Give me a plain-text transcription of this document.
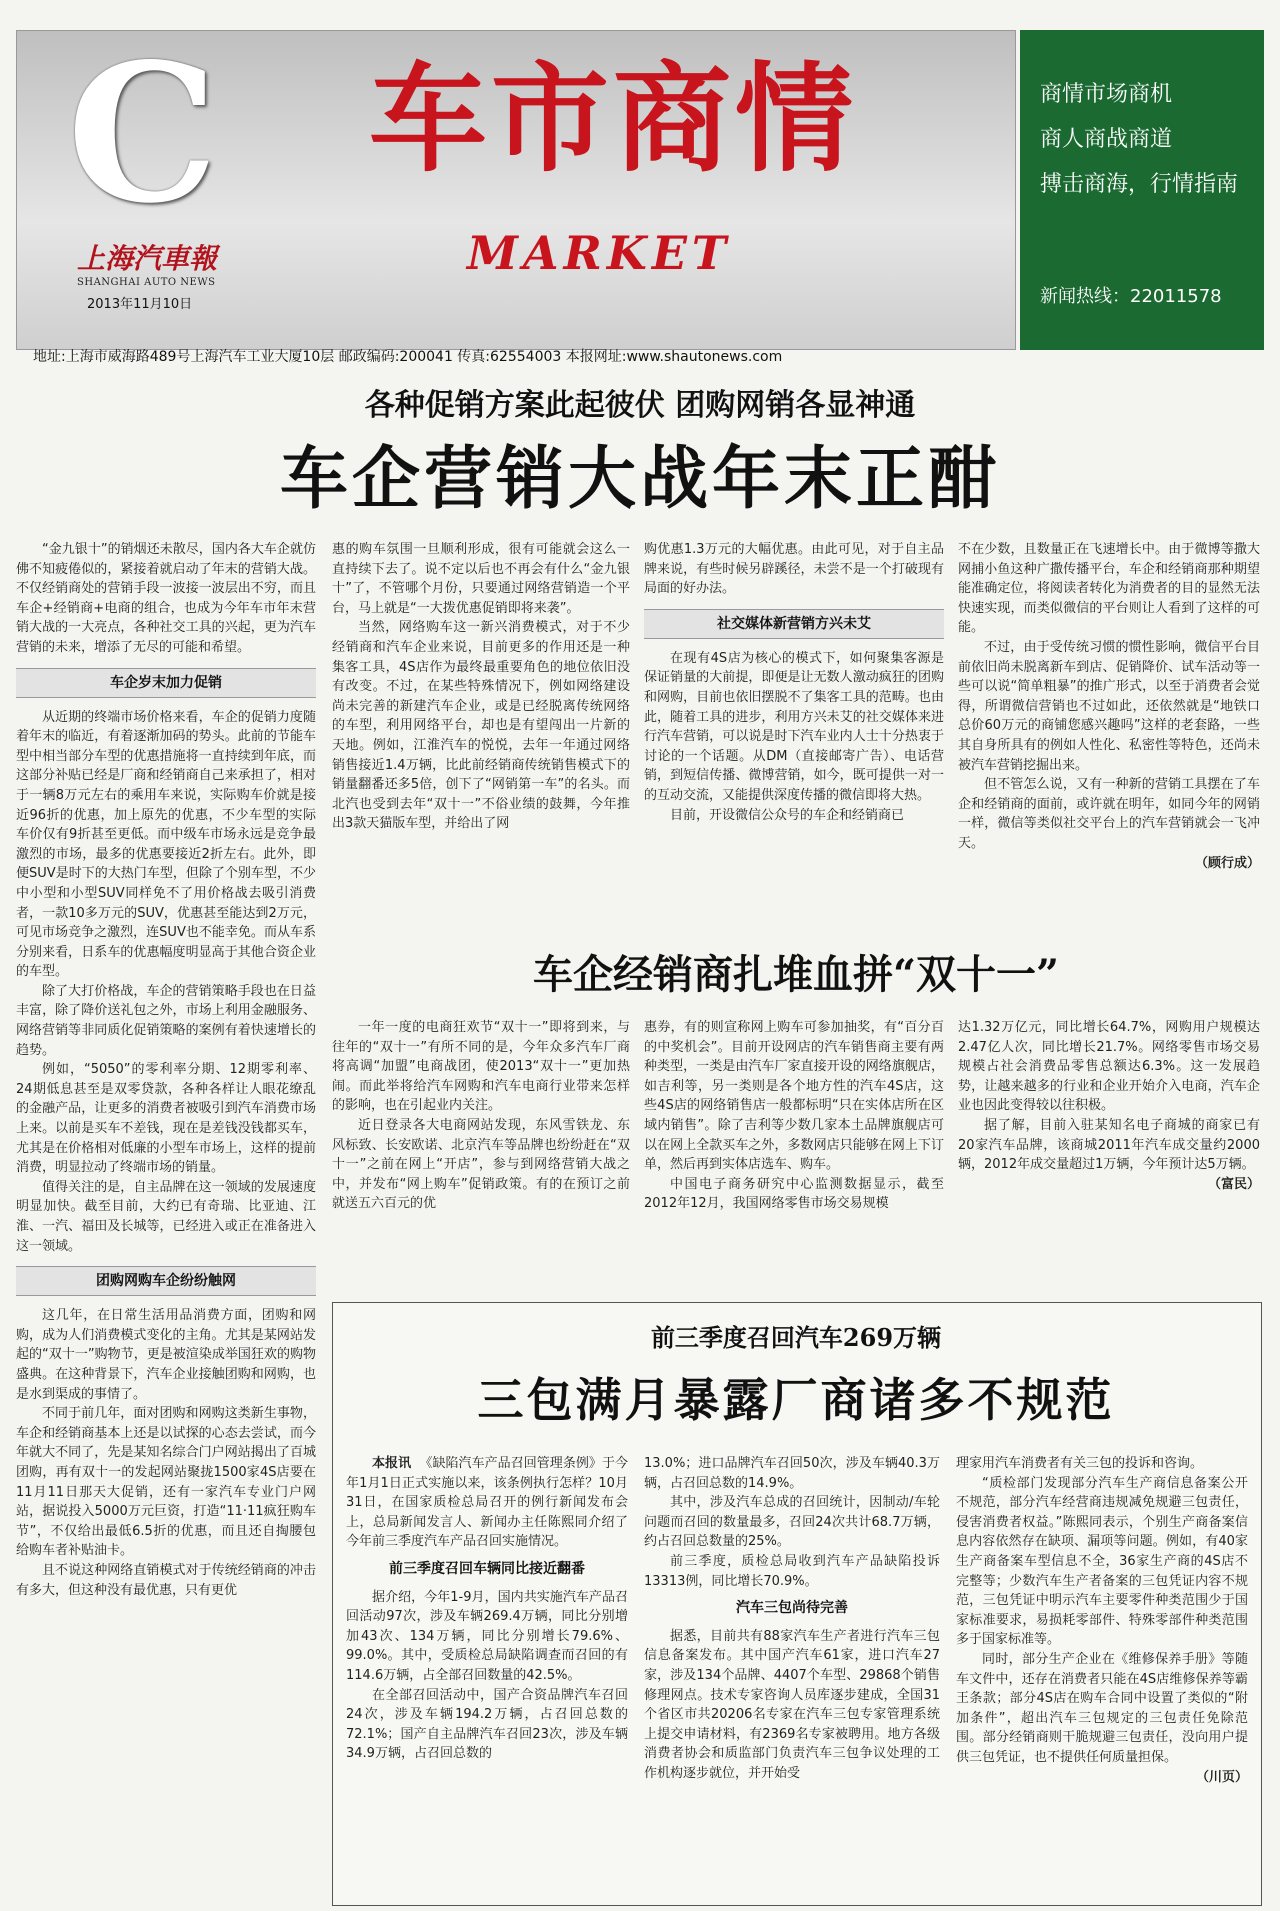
C
上海汽車報
SHANGHAI AUTO NEWS
2013年11月10日
车市商情
MARKET
地址:上海市威海路489号上海汽车工业大厦10层 邮政编码:200041 传真:62554003 本报网址:www.shautonews.com
商情市场商机
商人商战商道
搏击商海，行情指南
新闻热线：22011578
各种促销方案此起彼伏 团购网销各显神通
车企营销大战年末正酣

“金九银十”的销烟还未散尽，国内各大车企就仿佛不知疲倦似的，紧接着就启动了年末的营销大战。不仅经销商处的营销手段一波接一波层出不穷，而且车企+经销商+电商的组合，也成为今年车市年末营销大战的一大亮点，各种社交工具的兴起，更为汽车营销的未来，增添了无尽的可能和希望。

车企岁末加力促销

从近期的终端市场价格来看，车企的促销力度随着年末的临近，有着逐渐加码的势头。此前的节能车型中相当部分车型的优惠措施将一直持续到年底，而这部分补贴已经是厂商和经销商自己来承担了，相对于一辆8万元左右的乘用车来说，实际购车价就是接近96折的优惠，加上原先的优惠，不少车型的实际车价仅有9折甚至更低。而中级车市场永远是竞争最激烈的市场，最多的优惠要接近2折左右。此外，即便SUV是时下的大热门车型，但除了个别车型，不少中小型和小型SUV同样免不了用价格战去吸引消费者，一款10多万元的SUV，优惠甚至能达到2万元，可见市场竞争之激烈，连SUV也不能幸免。而从车系分别来看，日系车的优惠幅度明显高于其他合资企业的车型。

除了大打价格战，车企的营销策略手段也在日益丰富，除了降价送礼包之外，市场上利用金融服务、网络营销等非同质化促销策略的案例有着快速增长的趋势。

例如，“5050”的零利率分期、12期零利率、24期低息甚至是双零贷款，各种各样让人眼花缭乱的金融产品，让更多的消费者被吸引到汽车消费市场上来。以前是买车不差钱，现在是差钱没钱都买车，尤其是在价格相对低廉的小型车市场上，这样的提前消费，明显拉动了终端市场的销量。

值得关注的是，自主品牌在这一领域的发展速度明显加快。截至目前，大约已有奇瑞、比亚迪、江淮、一汽、福田及长城等，已经进入或正在准备进入这一领域。

团购网购车企纷纷触网

这几年，在日常生活用品消费方面，团购和网购，成为人们消费模式变化的主角。尤其是某网站发起的“双十一”购物节，更是被渲染成举国狂欢的购物盛典。在这种背景下，汽车企业接触团购和网购，也是水到渠成的事情了。

不同于前几年，面对团购和网购这类新生事物，车企和经销商基本上还是以试探的心态去尝试，而今年就大不同了，先是某知名综合门户网站揭出了百城团购，再有双十一的发起网站聚拢1500家4S店要在11月11日那天大促销，还有一家汽车专业门户网站，据说投入5000万元巨资，打造“11·11疯狂购车节”，不仅给出最低6.5折的优惠，而且还自掏腰包给购车者补贴油卡。

且不说这种网络直销模式对于传统经销商的冲击有多大，但这种没有最优惠，只有更优

惠的购车氛围一旦顺利形成，很有可能就会这么一直持续下去了。说不定以后也不再会有什么“金九银十”了，不管哪个月份，只要通过网络营销造一个平台，马上就是“一大拨优惠促销即将来袭”。

当然，网络购车这一新兴消费模式，对于不少经销商和汽车企业来说，目前更多的作用还是一种集客工具，4S店作为最终最重要角色的地位依旧没有改变。不过，在某些特殊情况下，例如网络建设尚未完善的新建汽车企业，或是已经脱离传统网络的车型，利用网络平台，却也是有望闯出一片新的天地。例如，江淮汽车的悦悦，去年一年通过网络销售接近1.4万辆，比此前经销商传统销售模式下的销量翻番还多5倍，创下了“网销第一车”的名头。而北汽也受到去年“双十一”不俗业绩的鼓舞，今年推出3款天猫版车型，并给出了网

购优惠1.3万元的大幅优惠。由此可见，对于自主品牌来说，有些时候另辟蹊径，未尝不是一个打破现有局面的好办法。

社交媒体新营销方兴未艾

在现有4S店为核心的模式下，如何聚集客源是保证销量的大前提，即便是让无数人激动疯狂的团购和网购，目前也依旧摆脱不了集客工具的范畴。也由此，随着工具的进步，利用方兴未艾的社交媒体来进行汽车营销，可以说是时下汽车业内人士十分热衷于讨论的一个话题。从DM（直接邮寄广告）、电话营销，到短信传播、微博营销，如今，既可提供一对一的互动交流，又能提供深度传播的微信即将大热。

目前，开设微信公众号的车企和经销商已

不在少数，且数量正在飞速增长中。由于微博等撒大网捕小鱼这种广撒传播平台，车企和经销商那种期望能准确定位，将阅读者转化为消费者的目的显然无法快速实现，而类似微信的平台则让人看到了这样的可能。

不过，由于受传统习惯的惯性影响，微信平台目前依旧尚未脱离新车到店、促销降价、试车活动等一些可以说“简单粗暴”的推广形式，以至于消费者会觉得，所谓微信营销也不过如此，还依然就是“地铁口总价60万元的商铺您感兴趣吗”这样的老套路，一些其自身所具有的例如人性化、私密性等特色，还尚未被汽车营销挖掘出来。

但不管怎么说，又有一种新的营销工具摆在了车企和经销商的面前，或许就在明年，如同今年的网销一样，微信等类似社交平台上的汽车营销就会一飞冲天。

（顾行成）
车企经销商扎堆血拼“双十一”

一年一度的电商狂欢节“双十一”即将到来，与往年的“双十一”有所不同的是，今年众多汽车厂商将高调“加盟”电商战团，使2013“双十一”更加热闹。而此举将给汽车网购和汽车电商行业带来怎样的影响，也在引起业内关注。

近日登录各大电商网站发现，东风雪铁龙、东风标致、长安欧诺、北京汽车等品牌也纷纷赶在“双十一”之前在网上“开店”，参与到网络营销大战之中，并发布“网上购车”促销政策。有的在预订之前就送五六百元的优

惠券，有的则宣称网上购车可参加抽奖，有“百分百的中奖机会”。目前开设网店的汽车销售商主要有两种类型，一类是由汽车厂家直接开设的网络旗舰店，如吉利等，另一类则是各个地方性的汽车4S店，这些4S店的网络销售店一般都标明“只在实体店所在区域内销售”。除了吉利等少数几家本土品牌旗舰店可以在网上全款买车之外，多数网店只能够在网上下订单，然后再到实体店选车、购车。

中国电子商务研究中心监测数据显示，截至2012年12月，我国网络零售市场交易规模

达1.32万亿元，同比增长64.7%，网购用户规模达2.47亿人次，同比增长21.7%。网络零售市场交易规模占社会消费品零售总额达6.3%。这一发展趋势，让越来越多的行业和企业开始介入电商，汽车企业也因此变得较以往积极。

据了解，目前入驻某知名电子商城的商家已有20家汽车品牌，该商城2011年汽车成交量约2000辆，2012年成交量超过1万辆，今年预计达5万辆。

（富民）
前三季度召回汽车269万辆
三包满月暴露厂商诸多不规范

本报讯 《缺陷汽车产品召回管理条例》于今年1月1日正式实施以来，该条例执行怎样？10月31日，在国家质检总局召开的例行新闻发布会上，总局新闻发言人、新闻办主任陈熙同介绍了今年前三季度汽车产品召回实施情况。

前三季度召回车辆同比接近翻番

据介绍，今年1-9月，国内共实施汽车产品召回活动97次，涉及车辆269.4万辆，同比分别增加43次、134万辆，同比分别增长79.6%、99.0%。其中，受质检总局缺陷调查而召回的有114.6万辆，占全部召回数量的42.5%。

在全部召回活动中，国产合资品牌汽车召回24次，涉及车辆194.2万辆，占召回总数的72.1%；国产自主品牌汽车召回23次，涉及车辆34.9万辆，占召回总数的

13.0%；进口品牌汽车召回50次，涉及车辆40.3万辆，占召回总数的14.9%。

其中，涉及汽车总成的召回统计，因制动/车轮问题而召回的数量最多，召回24次共计68.7万辆，约占召回总数量的25%。

前三季度，质检总局收到汽车产品缺陷投诉13313例，同比增长70.9%。

汽车三包尚待完善

据悉，目前共有88家汽车生产者进行汽车三包信息备案发布。其中国产汽车61家，进口汽车27家，涉及134个品牌、4407个车型、29868个销售修理网点。技术专家咨询人员库逐步建成，全国31个省区市共20206名专家在汽车三包专家管理系统上提交申请材料，有2369名专家被聘用。地方各级消费者协会和质监部门负责汽车三包争议处理的工作机构逐步就位，并开始受

理家用汽车消费者有关三包的投诉和咨询。

“质检部门发现部分汽车生产商信息备案公开不规范，部分汽车经营商违规减免规避三包责任，侵害消费者权益。”陈熙同表示，个别生产商备案信息内容依然存在缺项、漏项等问题。例如，有40家生产商备案车型信息不全，36家生产商的4S店不完整等；少数汽车生产者备案的三包凭证内容不规范，三包凭证中明示汽车主要零件种类范围少于国家标准要求，易损耗零部件、特殊零部件种类范围多于国家标准等。

同时，部分生产企业在《维修保养手册》等随车文件中，还存在消费者只能在4S店维修保养等霸王条款；部分4S店在购车合同中设置了类似的“附加条件”，超出汽车三包规定的三包责任免除范围。部分经销商则干脆规避三包责任，没向用户提供三包凭证，也不提供任何质量担保。

（川页）
